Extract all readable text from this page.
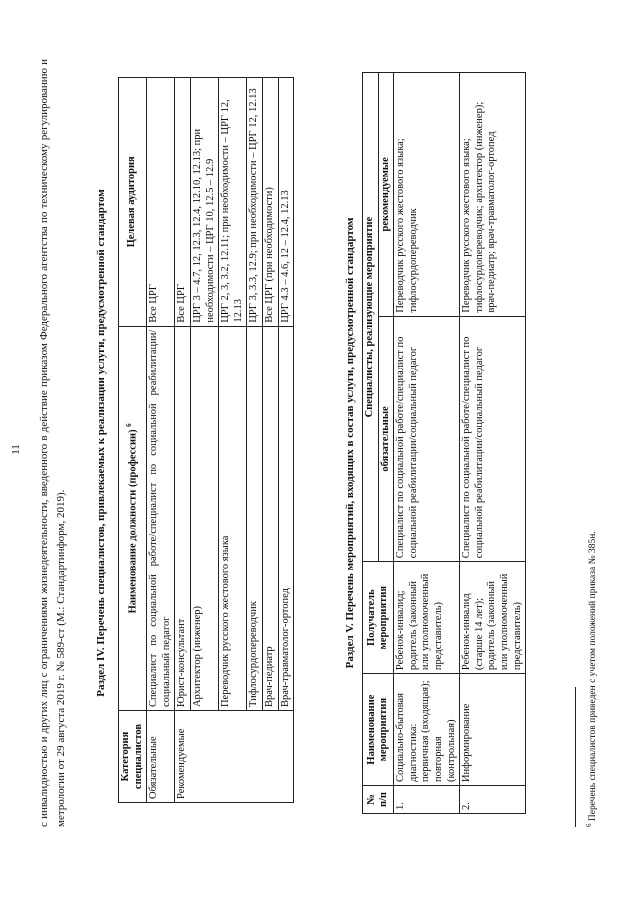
11 с инвалидностью и других лиц с ограничениями жизнедеятельности, введенного в действие приказом Федерального агентства по техническому регулированию и метрологии от 29 августа 2019 г. № 589-ст (М.: Стандартинформ, 2019).	Раздел IV. Перечень специалистов, привлекаемых к реализации услуги, предусмотренной стандартом
Категория специалистов	Наименование должности (профессии) $^6$	Целевая аудитория
Обязательные	Специалист по социальной работе/специалист по социальной реабилитации/социальный педагог	Все ЦРГ
Рекомендуемые	Юрист-консультант	Все ЦРГ
	Архитектор (инженер)	ЦРГ 3 – 4.7, 12, 12.3, 12.4, 12.10, 12.13; при необходимости – ЦРГ 10, 12.5 – 12.9
	Переводчик русского жестового языка	ЦРГ 2, 3, 3.2, 12.11; при необходимости – ЦРГ 12, 12.13
	Тифлосурдопереводчик	ЦРГ 3, 3.3, 12.9; при необходимости – ЦРГ 12, 12.13
	Врач-педиатр	Все ЦРГ (при необходимости)
	Врач-травматолог-ортопед	ЦРГ 4.3 – 4.6, 12 – 12.4, 12.13	Раздел V. Перечень мероприятий, входящих в состав услуги, предусмотренной стандартом
№ п/п	Наименование мероприятия	Получатель мероприятия	Специалисты, реализующие мероприятие	
			обязательные	рекомендуемые
1.	Социально-бытовая диагностика: первичная (входящая); повторная (контрольная)	Ребенок-инвалид; родитель (законный или уполномоченный представитель)	Специалист по социальной работе/специалист по социальной реабилитации/социальный педагог	Переводчик русского жестового языка; тифлосурдопереводчик
2.	Информирование	Ребенок-инвалид (старше 14 лет); родитель (законный или уполномоченный представитель)	Специалист по социальной работе/специалист по социальной реабилитации/социальный педагог	Переводчик русского жестового языка; тифлосурдопереводчик; архитектор (инженер); врач-педиатр; врач-травматолог-ортопед
$^6$ Перечень специалистов приведен с учетом положений приказа № 385н.
